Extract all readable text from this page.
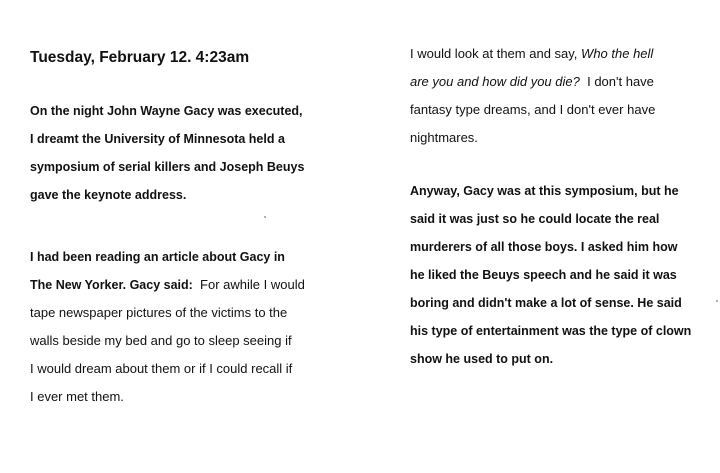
Tuesday, February 12. 4:23am
On the night John Wayne Gacy was executed,
I dreamt the University of Minnesota held a
symposium of serial killers and Joseph Beuys
gave the keynote address.
I had been reading an article about Gacy in
The New Yorker. Gacy said: For awhile I would
tape newspaper pictures of the victims to the
walls beside my bed and go to sleep seeing if
I would dream about them or if I could recall if
I ever met them.
I would look at them and say, Who the hell
are you and how did you die? I don't have
fantasy type dreams, and I don't ever have
nightmares.
Anyway, Gacy was at this symposium, but he
said it was just so he could locate the real
murderers of all those boys. I asked him how
he liked the Beuys speech and he said it was
boring and didn't make a lot of sense. He said
his type of entertainment was the type of clown
show he used to put on.
